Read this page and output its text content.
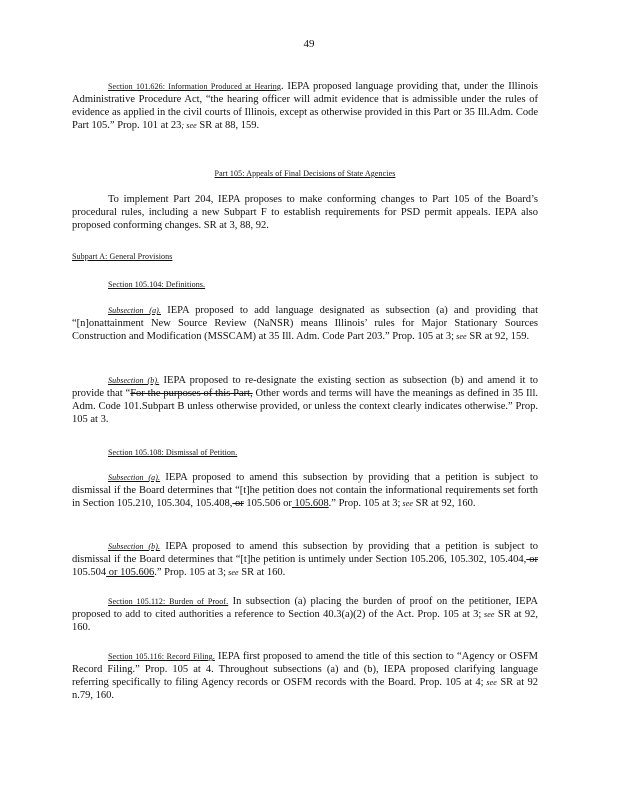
49

Section 101.626: Information Produced at Hearing. IEPA proposed language providing that, under the Illinois Administrative Procedure Act, “the hearing officer will admit evidence that is admissible under the rules of evidence as applied in the civil courts of Illinois, except as otherwise provided in this Part or 35 Ill.Adm. Code Part 105.” Prop. 101 at 23; see SR at 88, 159.

Part 105: Appeals of Final Decisions of State Agencies

To implement Part 204, IEPA proposes to make conforming changes to Part 105 of the Board’s procedural rules, including a new Subpart F to establish requirements for PSD permit appeals. IEPA also proposed conforming changes. SR at 3, 88, 92.

Subpart A: General Provisions

Section 105.104: Definitions.

Subsection (a). IEPA proposed to add language designated as subsection (a) and providing that “[n]onattainment New Source Review (NaNSR) means Illinois’ rules for Major Stationary Sources Construction and Modification (MSSCAM) at 35 Ill. Adm. Code Part 203.” Prop. 105 at 3; see SR at 92, 159.

Subsection (b). IEPA proposed to re-designate the existing section as subsection (b) and amend it to provide that “For the purposes of this Part, Other words and terms will have the meanings as defined in 35 Ill. Adm. Code 101.Subpart B unless otherwise provided, or unless the context clearly indicates otherwise.” Prop. 105 at 3.

Section 105.108: Dismissal of Petition.

Subsection (a). IEPA proposed to amend this subsection by providing that a petition is subject to dismissal if the Board determines that “[t]he petition does not contain the informational requirements set forth in Section 105.210, 105.304, 105.408, or 105.506 or 105.608.” Prop. 105 at 3; see SR at 92, 160.

Subsection (b). IEPA proposed to amend this subsection by providing that a petition is subject to dismissal if the Board determines that “[t]he petition is untimely under Section 105.206, 105.302, 105.404, or 105.504 or 105.606.” Prop. 105 at 3; see SR at 160.

Section 105.112: Burden of Proof. In subsection (a) placing the burden of proof on the petitioner, IEPA proposed to add to cited authorities a reference to Section 40.3(a)(2) of the Act. Prop. 105 at 3; see SR at 92, 160.

Section 105.116: Record Filing. IEPA first proposed to amend the title of this section to “Agency or OSFM Record Filing.” Prop. 105 at 4. Throughout subsections (a) and (b), IEPA proposed clarifying language referring specifically to filing Agency records or OSFM records with the Board. Prop. 105 at 4; see SR at 92 n.79, 160.
